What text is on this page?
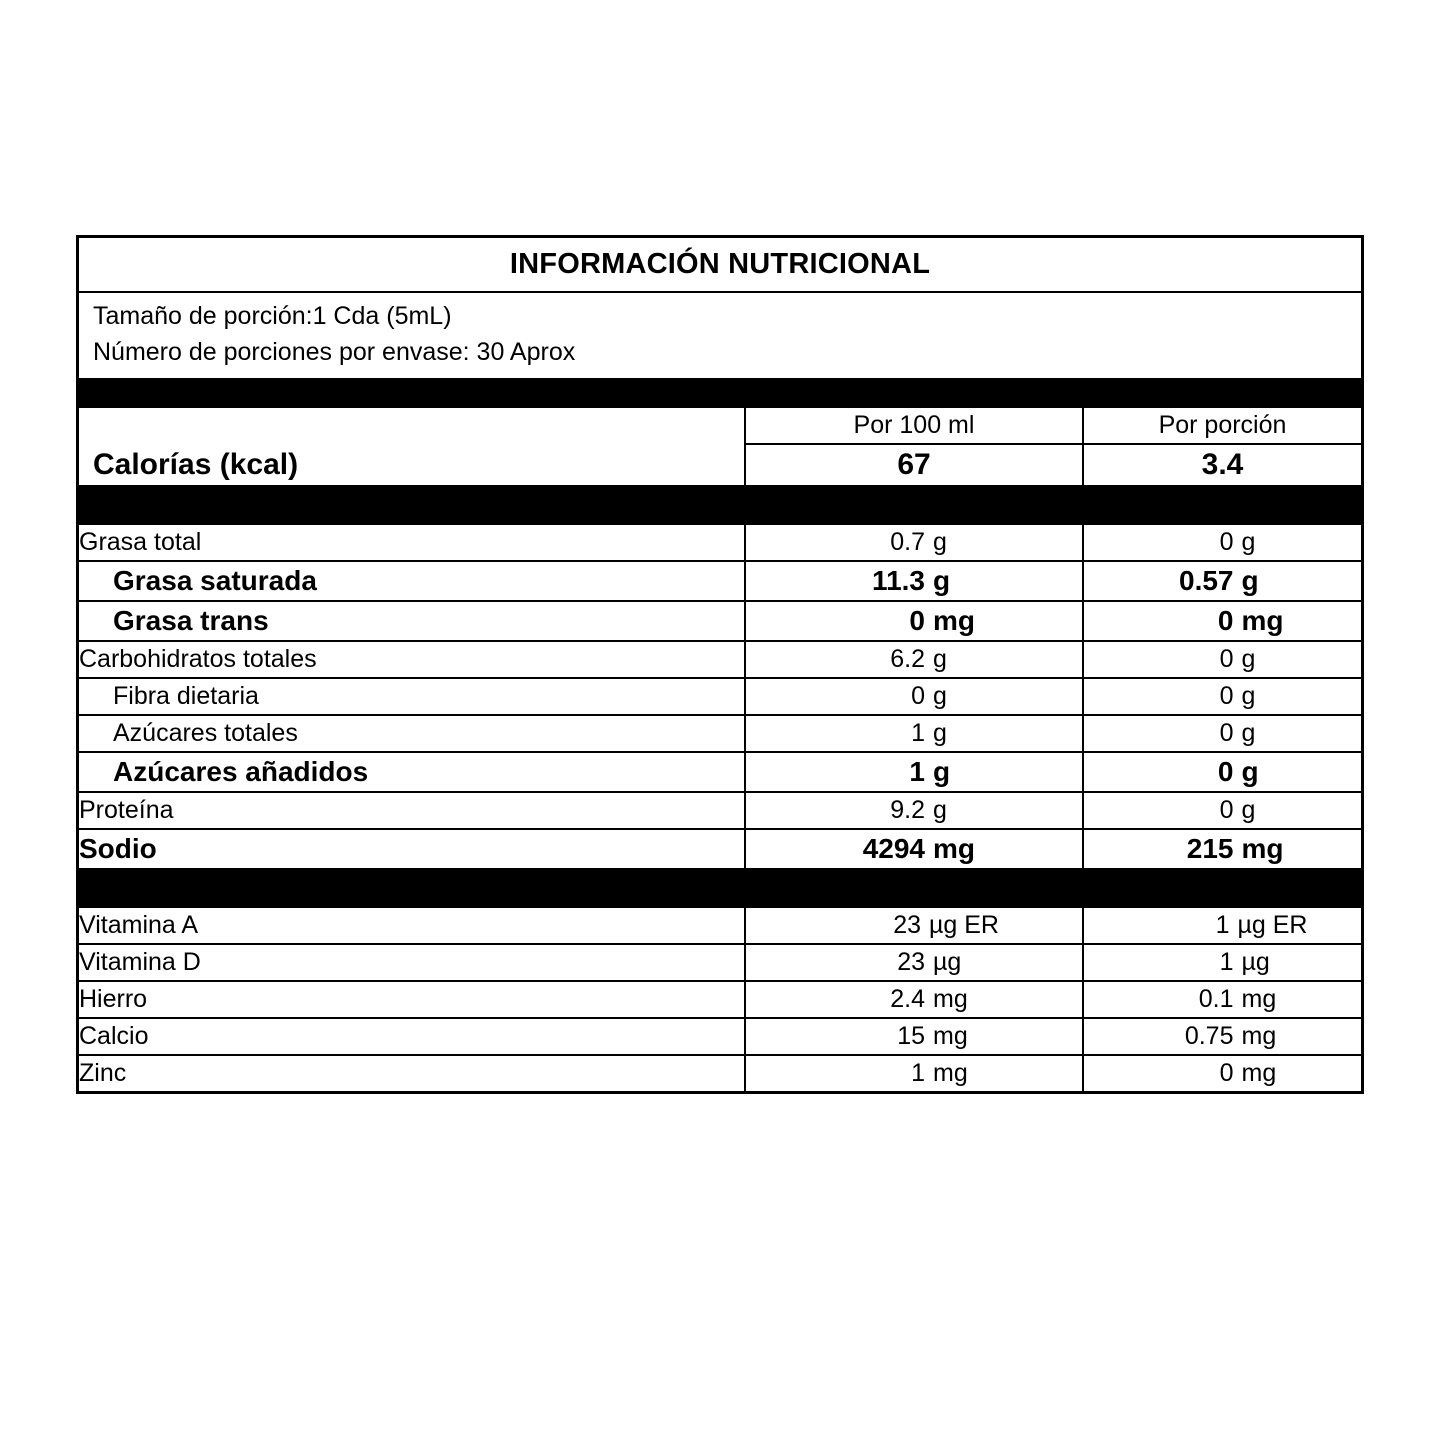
INFORMACIÓN NUTRICIONAL
Tamaño de porción:1 Cda (5mL)
Número de porciones por envase: 30 Aprox
	Por 100 ml	Por porción
Calorías (kcal)	67	3.4

Grasa total	0.7 g	0 g
Grasa saturada	11.3 g	0.57 g
Grasa trans	0 mg	0 mg
Carbohidratos totales	6.2 g	0 g
Fibra dietaria	0 g	0 g
Azúcares totales	1 g	0 g
Azúcares añadidos	1 g	0 g
Proteína	9.2 g	0 g
Sodio	4294 mg	215 mg

Vitamina A	23 µg ER	1 µg ER
Vitamina D	23 µg	1 µg
Hierro	2.4 mg	0.1 mg
Calcio	15 mg	0.75 mg
Zinc	1 mg	0 mg
